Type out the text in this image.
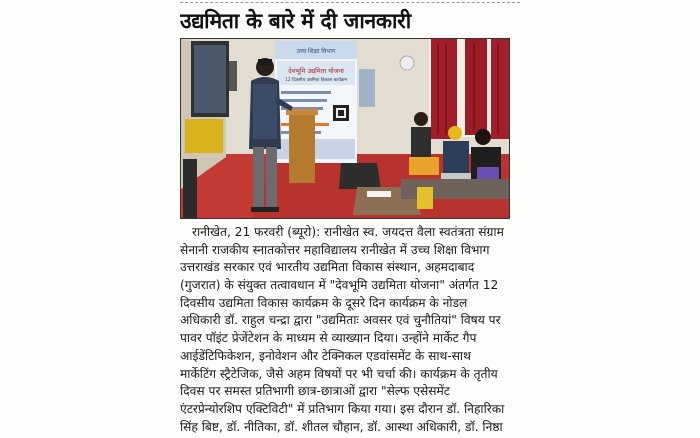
उद्यमिता के बारे में दी जानकारी
उच्च शिक्षा विभाग
देवभूमि उद्यमिता योजना
12 दिवसीय उद्यमिता विकास कार्यक्रम
रानीखेत, 21 फरवरी (ब्यूरो): रानीखेत स्व. जयदत्त वैला स्वतंत्रता संग्राम
सेनानी राजकीय स्नातकोत्तर महाविद्यालय रानीखेत में उच्च शिक्षा विभाग
उत्तराखंड सरकार एवं भारतीय उद्यमिता विकास संस्थान, अहमदाबाद
(गुजरात) के संयुक्त तत्वावधान में "देवभूमि उद्यमिता योजना" अंतर्गत 12
दिवसीय उद्यमिता विकास कार्यक्रम के दूसरे दिन कार्यक्रम के नोडल
अधिकारी डॉ. राहुल चन्द्रा द्वारा "उद्यमिताः अवसर एवं चुनौतियां" विषय पर
पावर पॉइंट प्रेजेंटेशन के माध्यम से व्याख्यान दिया। उन्होंने मार्केट गैप
आईडेंटिफिकेशन, इनोवेशन और टेक्निकल एडवांसमेंट के साथ-साथ
मार्केटिंग स्ट्रैटेजिक, जैसे अहम विषयों पर भी चर्चा की। कार्यक्रम के तृतीय
दिवस पर समस्त प्रतिभागी छात्र-छात्राओं द्वारा "सेल्फ एसेसमेंट
एंटरप्रेन्योरशिप एक्टिविटी" में प्रतिभाग किया गया। इस दौरान डॉ. निहारिका
सिंह बिष्ट, डॉ. नीतिका, डॉ. शीतल चौहान, डॉ. आस्था अधिकारी, डॉ. निष्ठा
